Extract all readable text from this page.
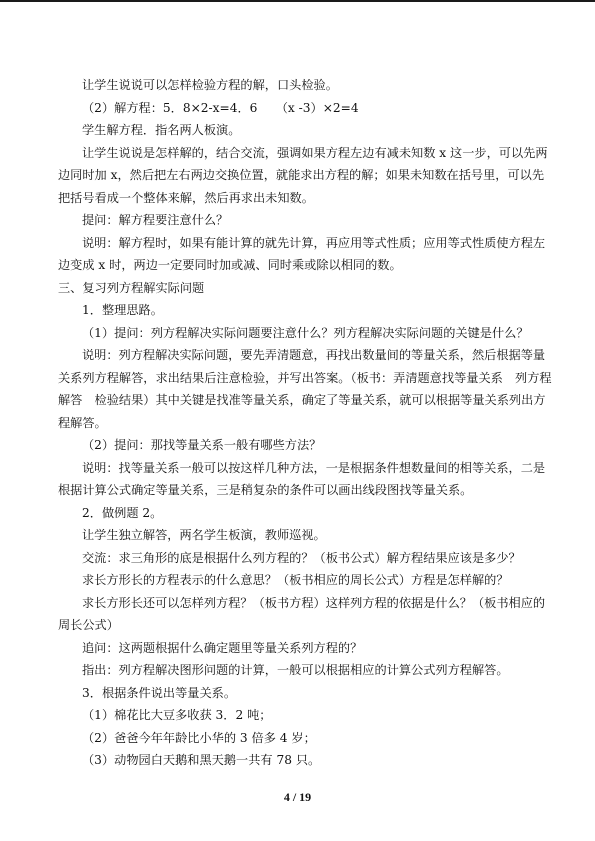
让学生说说可以怎样检验方程的解，口头检验。

（2）解方程：5．8×2-x=4．6　　（x -3）×2=4

学生解方程．指名两人板演。

让学生说说是怎样解的，结合交流，强调如果方程左边有减未知数 x 这一步，可以先两

边同时加 x，然后把左右两边交换位置，就能求出方程的解；如果未知数在括号里，可以先

把括号看成一个整体来解，然后再求出未知数。

提问：解方程要注意什么？

说明：解方程时，如果有能计算的就先计算，再应用等式性质；应用等式性质使方程左

边变成 x 时，两边一定要同时加或减、同时乘或除以相同的数。

三、复习列方程解实际问题

1．整理思路。

（1）提问：列方程解决实际问题要注意什么？列方程解决实际问题的关键是什么？

说明：列方程解决实际问题，要先弄清题意，再找出数量间的等量关系，然后根据等量

关系列方程解答，求出结果后注意检验，并写出答案。（板书：弄清题意找等量关系　列方程

解答　检验结果）其中关键是找准等量关系，确定了等量关系，就可以根据等量关系列出方

程解答。

（2）提问：那找等量关系一般有哪些方法？

说明：找等量关系一般可以按这样几种方法，一是根据条件想数量间的相等关系，二是

根据计算公式确定等量关系，三是稍复杂的条件可以画出线段图找等量关系。

2．做例题 2。

让学生独立解答，两名学生板演，教师巡视。

交流：求三角形的底是根据什么列方程的？（板书公式）解方程结果应该是多少？

求长方形长的方程表示的什么意思？（板书相应的周长公式）方程是怎样解的？

求长方形长还可以怎样列方程？（板书方程）这样列方程的依据是什么？（板书相应的

周长公式）

追问：这两题根据什么确定题里等量关系列方程的？

指出：列方程解决图形问题的计算，一般可以根据相应的计算公式列方程解答。

3．根据条件说出等量关系。

（1）棉花比大豆多收获 3．2 吨；

（2）爸爸今年年龄比小华的 3 倍多 4 岁；

（3）动物园白天鹅和黑天鹅一共有 78 只。

4 / 19
